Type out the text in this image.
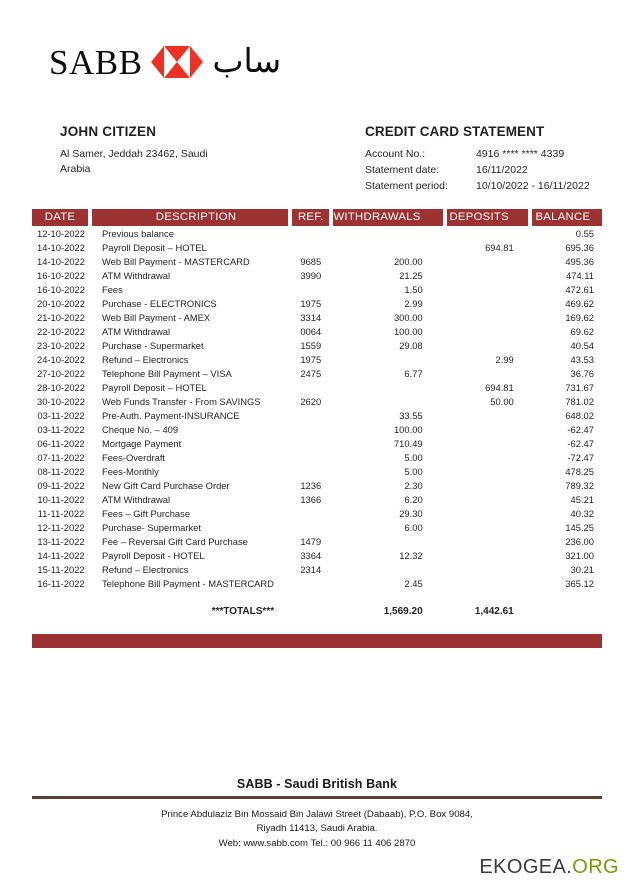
SABB ساب
JOHN CITIZEN
Al Samer, Jeddah 23462, Saudi
Arabia
CREDIT CARD STATEMENT
Account No.:	4916 **** **** 4339
Statement date:	16/11/2022
Statement period:	10/10/2022 - 16/11/2022
DATE	DESCRIPTION	REF.	WITHDRAWALS	DEPOSITS	BALANCE
12-10-2022	Previous balance				0.55
14-10-2022	Payroll Deposit – HOTEL			694.81	695.36
14-10-2022	Web Bill Payment - MASTERCARD	9685	200.00		495.36
16-10-2022	ATM Withdrawal	3990	21.25		474.11
16-10-2022	Fees		1.50		472.61
20-10-2022	Purchase - ELECTRONICS	1975	2.99		469.62
21-10-2022	Web Bill Payment - AMEX	3314	300.00		169.62
22-10-2022	ATM Withdrawal	0064	100.00		69.62
23-10-2022	Purchase - Supermarket	1559	29.08		40.54
24-10-2022	Refund – Electronics	1975		2.99	43.53
27-10-2022	Telephone Bill Payment – VISA	2475	6.77		36.76
28-10-2022	Payroll Deposit – HOTEL			694.81	731.67
30-10-2022	Web Funds Transfer - From SAVINGS	2620		50.00	781.02
03-11-2022	Pre-Auth. Payment-INSURANCE		33.55		648.02
03-11-2022	Cheque No. – 409		100.00		-62.47
06-11-2022	Mortgage Payment		710.49		-62.47
07-11-2022	Fees-Overdraft		5.00		-72.47
08-11-2022	Fees-Monthly		5.00		478.25
09-11-2022	New Gift Card Purchase Order	1236	2.30		789.32
10-11-2022	ATM Withdrawal	1366	6.20		45.21
11-11-2022	Fees – Gift Purchase		29.30		40.32
12-11-2022	Purchase- Supermarket		6.00		145.25
13-11-2022	Fee – Reversal Gift Card Purchase	1479			236.00
14-11-2022	Payroll Deposit - HOTEL	3364	12.32		321.00
15-11-2022	Refund – Electronics	2314			30.21
16-11-2022	Telephone Bill Payment - MASTERCARD		2.45		365.12
	***TOTALS***		1,569.20	1,442.61	
SABB - Saudi British Bank
Prince Abdulaziz Bin Mossaid Bin Jalawi Street (Dabaab), P.O. Box 9084,
Riyadh 11413, Saudi Arabia.
Web: www.sabb.com Tel.: 00 966 11 406 2870
EKOGEA.ORG
